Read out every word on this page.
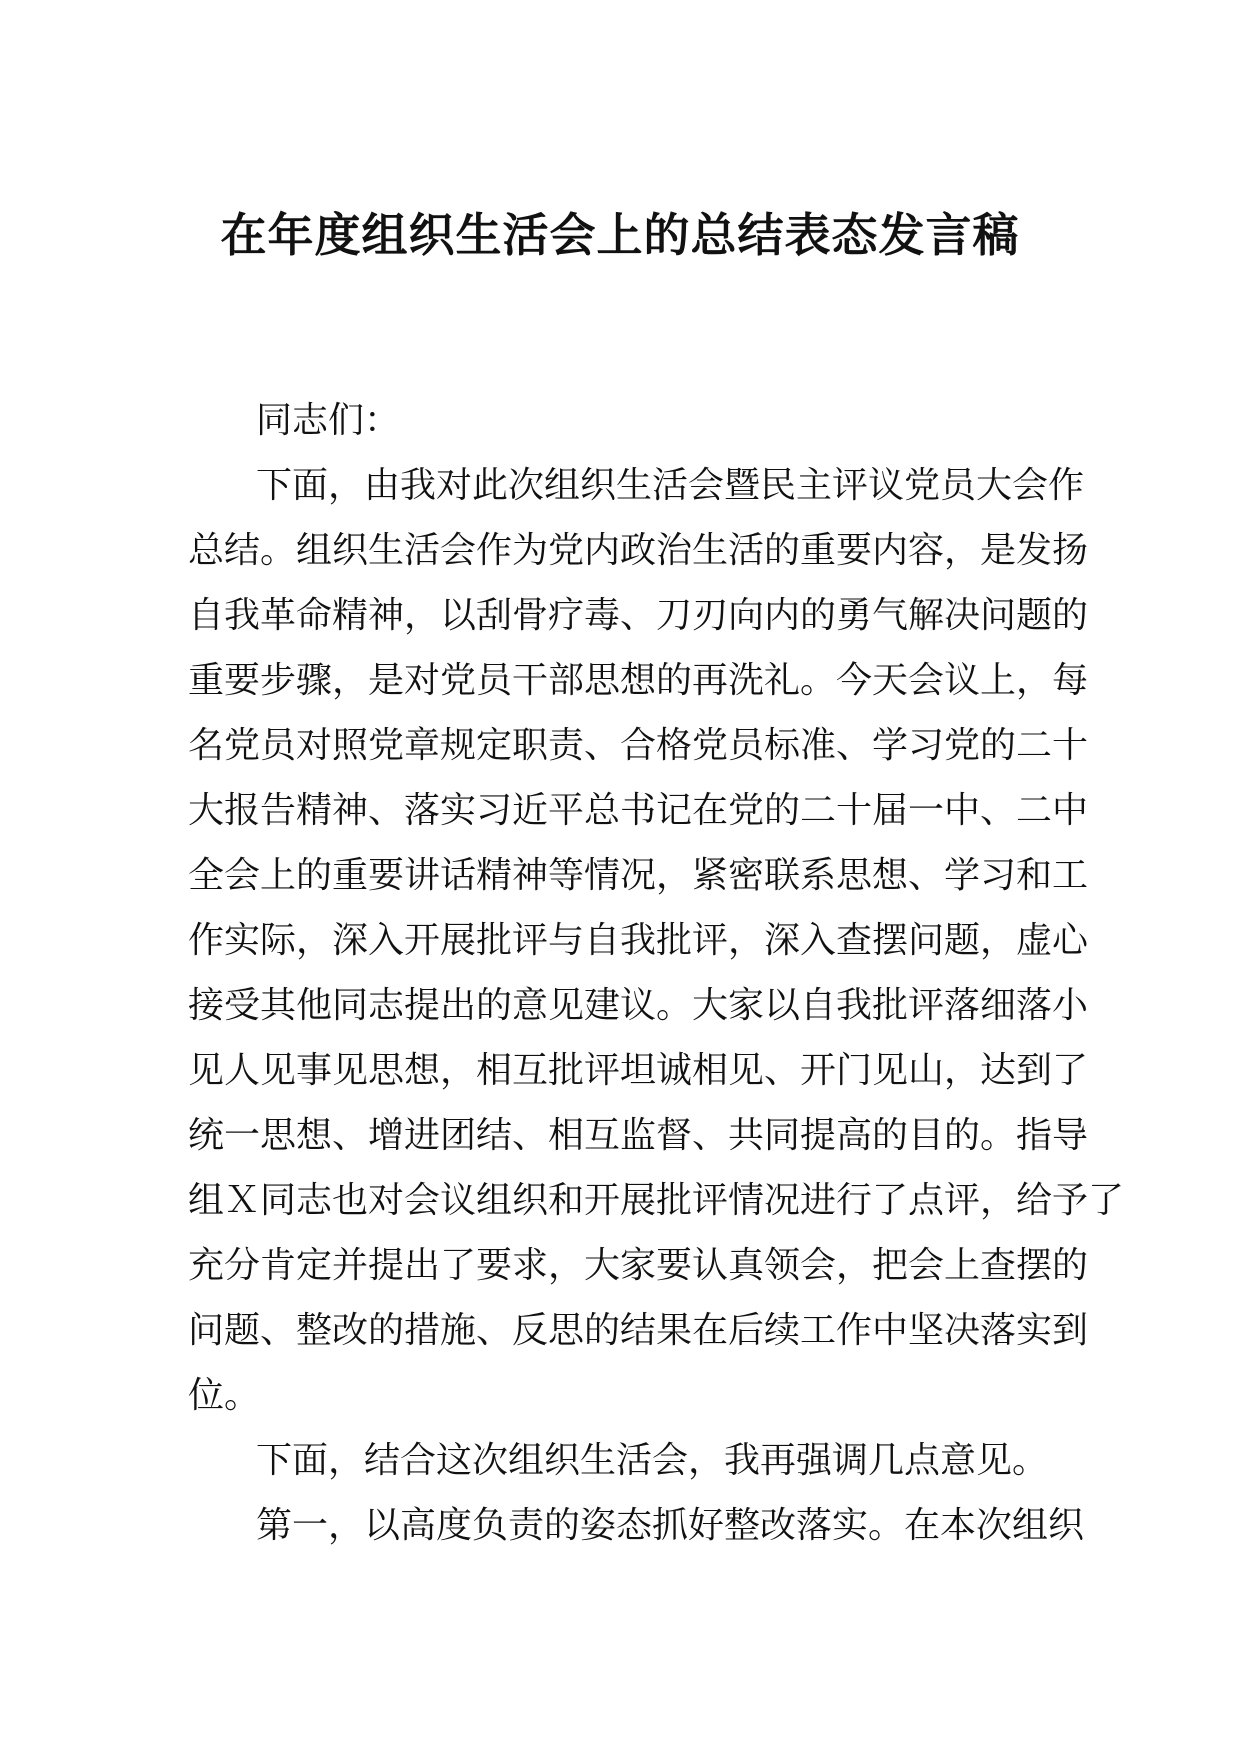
在年度组织生活会上的总结表态发言稿
同志们：
下面，由我对此次组织生活会暨民主评议党员大会作
总结。组织生活会作为党内政治生活的重要内容，是发扬
自我革命精神，以刮骨疗毒、刀刃向内的勇气解决问题的
重要步骤，是对党员干部思想的再洗礼。今天会议上，每
名党员对照党章规定职责、合格党员标准、学习党的二十
大报告精神、落实习近平总书记在党的二十届一中、二中
全会上的重要讲话精神等情况，紧密联系思想、学习和工
作实际，深入开展批评与自我批评，深入查摆问题，虚心
接受其他同志提出的意见建议。大家以自我批评落细落小
见人见事见思想，相互批评坦诚相见、开门见山，达到了
统一思想、增进团结、相互监督、共同提高的目的。指导
组Ｘ同志也对会议组织和开展批评情况进行了点评，给予了
充分肯定并提出了要求，大家要认真领会，把会上查摆的
问题、整改的措施、反思的结果在后续工作中坚决落实到
位。
下面，结合这次组织生活会，我再强调几点意见。
第一，以高度负责的姿态抓好整改落实。在本次组织
